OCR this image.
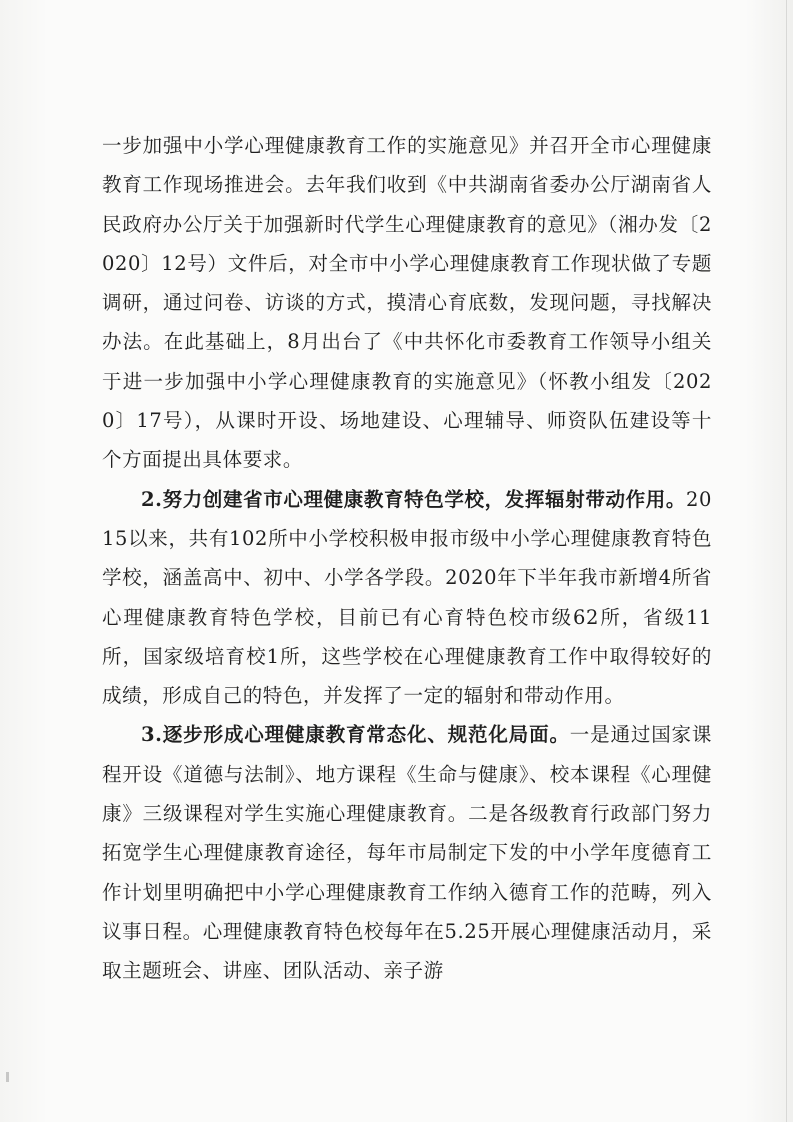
一步加强中小学心理健康教育工作的实施意见》并召开全市心理健康教育工作现场推进会。去年我们收到《中共湖南省委办公厅湖南省人民政府办公厅关于加强新时代学生心理健康教育的意见》（湘办发〔2020〕12号）文件后，对全市中小学心理健康教育工作现状做了专题调研，通过问卷、访谈的方式，摸清心育底数，发现问题，寻找解决办法。在此基础上，8月出台了《中共怀化市委教育工作领导小组关于进一步加强中小学心理健康教育的实施意见》（怀教小组发〔2020〕17号），从课时开设、场地建设、心理辅导、师资队伍建设等十个方面提出具体要求。

2.努力创建省市心理健康教育特色学校，发挥辐射带动作用。2015以来，共有102所中小学校积极申报市级中小学心理健康教育特色学校，涵盖高中、初中、小学各学段。2020年下半年我市新增4所省心理健康教育特色学校，目前已有心育特色校市级62所，省级11所，国家级培育校1所，这些学校在心理健康教育工作中取得较好的成绩，形成自己的特色，并发挥了一定的辐射和带动作用。

3.逐步形成心理健康教育常态化、规范化局面。一是通过国家课程开设《道德与法制》、地方课程《生命与健康》、校本课程《心理健康》三级课程对学生实施心理健康教育。二是各级教育行政部门努力拓宽学生心理健康教育途径，每年市局制定下发的中小学年度德育工作计划里明确把中小学心理健康教育工作纳入德育工作的范畴，列入议事日程。心理健康教育特色校每年在5.25开展心理健康活动月，采取主题班会、讲座、团队活动、亲子游
